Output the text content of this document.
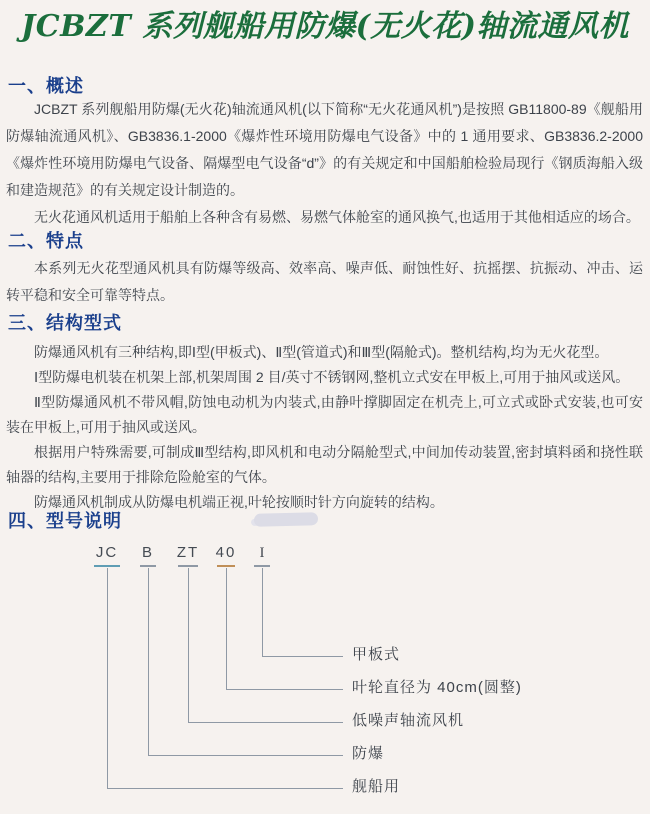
JCBZT 系列舰船用防爆(无火花)轴流通风机
一、概述

JCBZT 系列舰船用防爆(无火花)轴流通风机(以下简称“无火花通风机”)是按照 GB11800-89《舰船用防爆轴流通风机》、GB3836.1-2000《爆炸性环境用防爆电气设备》中的 1 通用要求、GB3836.2-2000《爆炸性环境用防爆电气设备、隔爆型电气设备“d”》的有关规定和中国船舶检验局现行《钢质海船入级和建造规范》的有关规定设计制造的。

无火花通风机适用于船舶上各种含有易燃、易燃气体舱室的通风换气,也适用于其他相适应的场合。

二、特点

本系列无火花型通风机具有防爆等级高、效率高、噪声低、耐蚀性好、抗摇摆、抗振动、冲击、运转平稳和安全可靠等特点。

三、结构型式

防爆通风机有三种结构,即Ⅰ型(甲板式)、Ⅱ型(管道式)和Ⅲ型(隔舱式)。整机结构,均为无火花型。

Ⅰ型防爆电机装在机架上部,机架周围 2 目/英寸不锈钢网,整机立式安在甲板上,可用于抽风或送风。

Ⅱ型防爆通风机不带风帽,防蚀电动机为内装式,由静叶撑脚固定在机壳上,可立式或卧式安装,也可安装在甲板上,可用于抽风或送风。

根据用户特殊需要,可制成Ⅲ型结构,即风机和电动分隔舱型式,中间加传动装置,密封填料函和挠性联轴器的结构,主要用于排除危险舱室的气体。

防爆通风机制成从防爆电机端正视,叶轮按顺时针方向旋转的结构。

四、型号说明
JC
舰船用
B
防爆
ZT
低噪声轴流风机
40
叶轮直径为 40cm(圆整)
I
甲板式
